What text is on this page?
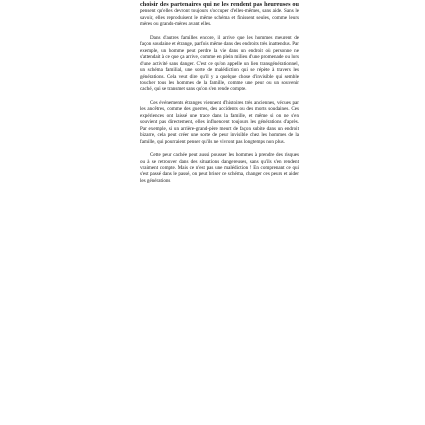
choisir des partenaires qui ne les rendent pas heureuses ou pensent qu'elles devront toujours s'occuper d'elles-mêmes, sans aide. Sans le savoir, elles reproduisent le même schéma et finissent seules, comme leurs mères ou grands-mères avant elles.

Dans d'autres familles encore, il arrive que les hommes meurent de façon soudaine et étrange, parfois même dans des endroits très inattendus. Par exemple, un homme peut perdre la vie dans un endroit où personne ne s'attendait à ce que ça arrive, comme en plein milieu d'une promenade ou lors d'une activité sans danger. C'est ce qu'on appelle un lien transgénérationnel, un schéma familial, une sorte de malédiction qui se répète à travers les générations. Cela veut dire qu'il y a quelque chose d'invisible qui semble toucher tous les hommes de la famille, comme une peur ou un souvenir caché, qui se transmet sans qu'on s'en rende compte.

Ces événements étranges viennent d'histoires très anciennes, vécues par les ancêtres, comme des guerres, des accidents ou des morts soudaines. Ces expériences ont laissé une trace dans la famille, et même si on ne s'en souvient pas directement, elles influencent toujours les générations d'après. Par exemple, si un arrière-grand-père meurt de façon subite dans un endroit bizarre, cela peut créer une sorte de peur invisible chez les hommes de la famille, qui pourraient penser qu'ils ne vivront pas longtemps non plus.

Cette peur cachée peut aussi pousser les hommes à prendre des risques ou à se retrouver dans des situations dangereuses, sans qu'ils s'en rendent vraiment compte. Mais ce n'est pas une malédiction ! En comprenant ce qui s'est passé dans le passé, on peut briser ce schéma, changer ces peurs et aider les générations
